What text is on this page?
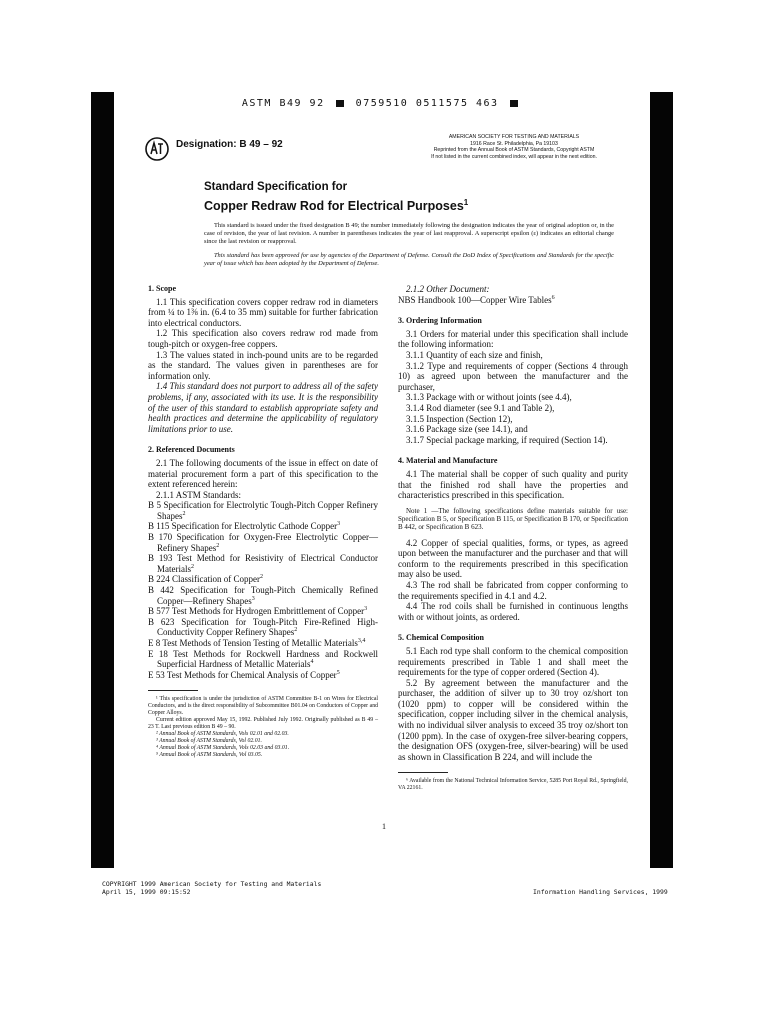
ASTM B49 92	0759510 0511575 463
Designation: B 49 – 92
AMERICAN SOCIETY FOR TESTING AND MATERIALS
1916 Race St. Philadelphia, Pa 19103
Reprinted from the Annual Book of ASTM Standards, Copyright ASTM
If not listed in the current combined index, will appear in the next edition.
Standard Specification for
Copper Redraw Rod for Electrical Purposes$^1$

This standard is issued under the fixed designation B 49; the number immediately following the designation indicates the year of original adoption or, in the case of revision, the year of last revision. A number in parentheses indicates the year of last reapproval. A superscript epsilon (ε) indicates an editorial change since the last revision or reapproval.

This standard has been approved for use by agencies of the Department of Defense. Consult the DoD Index of Specifications and Standards for the specific year of issue which has been adopted by the Department of Defense.

1. Scope

1.1 This specification covers copper redraw rod in diameters from ¼ to 1⅜ in. (6.4 to 35 mm) suitable for further fabrication into electrical conductors.

1.2 This specification also covers redraw rod made from tough-pitch or oxygen-free coppers.

1.3 The values stated in inch-pound units are to be regarded as the standard. The values given in parentheses are for information only.

1.4 This standard does not purport to address all of the safety problems, if any, associated with its use. It is the responsibility of the user of this standard to establish appropriate safety and health practices and determine the applicability of regulatory limitations prior to use.

2. Referenced Documents

2.1 The following documents of the issue in effect on date of material procurement form a part of this specification to the extent referenced herein:

2.1.1 ASTM Standards:

B 5 Specification for Electrolytic Tough-Pitch Copper Refinery Shapes$^2$

B 115 Specification for Electrolytic Cathode Copper$^3$

B 170 Specification for Oxygen-Free Electrolytic Copper—Refinery Shapes$^2$

B 193 Test Method for Resistivity of Electrical Conductor Materials$^2$

B 224 Classification of Copper$^2$

B 442 Specification for Tough-Pitch Chemically Refined Copper—Refinery Shapes$^3$

B 577 Test Methods for Hydrogen Embrittlement of Copper$^3$

B 623 Specification for Tough-Pitch Fire-Refined High-Conductivity Copper Refinery Shapes$^2$

E 8 Test Methods of Tension Testing of Metallic Materials$^{3,4}$

E 18 Test Methods for Rockwell Hardness and Rockwell Superficial Hardness of Metallic Materials$^4$

E 53 Test Methods for Chemical Analysis of Copper$^5$

¹ This specification is under the jurisdiction of ASTM Committee B-1 on Wires for Electrical Conductors, and is the direct responsibility of Subcommittee B01.04 on Conductors of Copper and Copper Alloys.

Current edition approved May 15, 1992. Published July 1992. Originally published as B 49 – 23 T. Last previous edition B 49 – 90.

² Annual Book of ASTM Standards, Vols 02.01 and 02.03.

³ Annual Book of ASTM Standards, Vol 02.01.

⁴ Annual Book of ASTM Standards, Vols 02.03 and 03.01.

⁵ Annual Book of ASTM Standards, Vol 03.05.

2.1.2 Other Document:

NBS Handbook 100—Copper Wire Tables$^6$

3. Ordering Information

3.1 Orders for material under this specification shall include the following information:

3.1.1 Quantity of each size and finish,

3.1.2 Type and requirements of copper (Sections 4 through 10) as agreed upon between the manufacturer and the purchaser,

3.1.3 Package with or without joints (see 4.4),

3.1.4 Rod diameter (see 9.1 and Table 2),

3.1.5 Inspection (Section 12),

3.1.6 Package size (see 14.1), and

3.1.7 Special package marking, if required (Section 14).

4. Material and Manufacture

4.1 The material shall be copper of such quality and purity that the finished rod shall have the properties and characteristics prescribed in this specification.

Note 1 —The following specifications define materials suitable for use: Specification B 5, or Specification B 115, or Specification B 170, or Specification B 442, or Specification B 623.

4.2 Copper of special qualities, forms, or types, as agreed upon between the manufacturer and the purchaser and that will conform to the requirements prescribed in this specification may also be used.

4.3 The rod shall be fabricated from copper conforming to the requirements specified in 4.1 and 4.2.

4.4 The rod coils shall be furnished in continuous lengths with or without joints, as ordered.

5. Chemical Composition

5.1 Each rod type shall conform to the chemical composition requirements prescribed in Table 1 and shall meet the requirements for the type of copper ordered (Section 4).

5.2 By agreement between the manufacturer and the purchaser, the addition of silver up to 30 troy oz/short ton (1020 ppm) to copper will be considered within the specification, copper including silver in the chemical analysis, with no individual silver analysis to exceed 35 troy oz/short ton (1200 ppm). In the case of oxygen-free silver-bearing coppers, the designation OFS (oxygen-free, silver-bearing) will be used as shown in Classification B 224, and will include the

⁶ Available from the National Technical Information Service, 5285 Port Royal Rd., Springfield, VA 22161.

1
COPYRIGHT 1999 American Society for Testing and Materials
April 15, 1999 09:15:52	Information Handling Services, 1999
